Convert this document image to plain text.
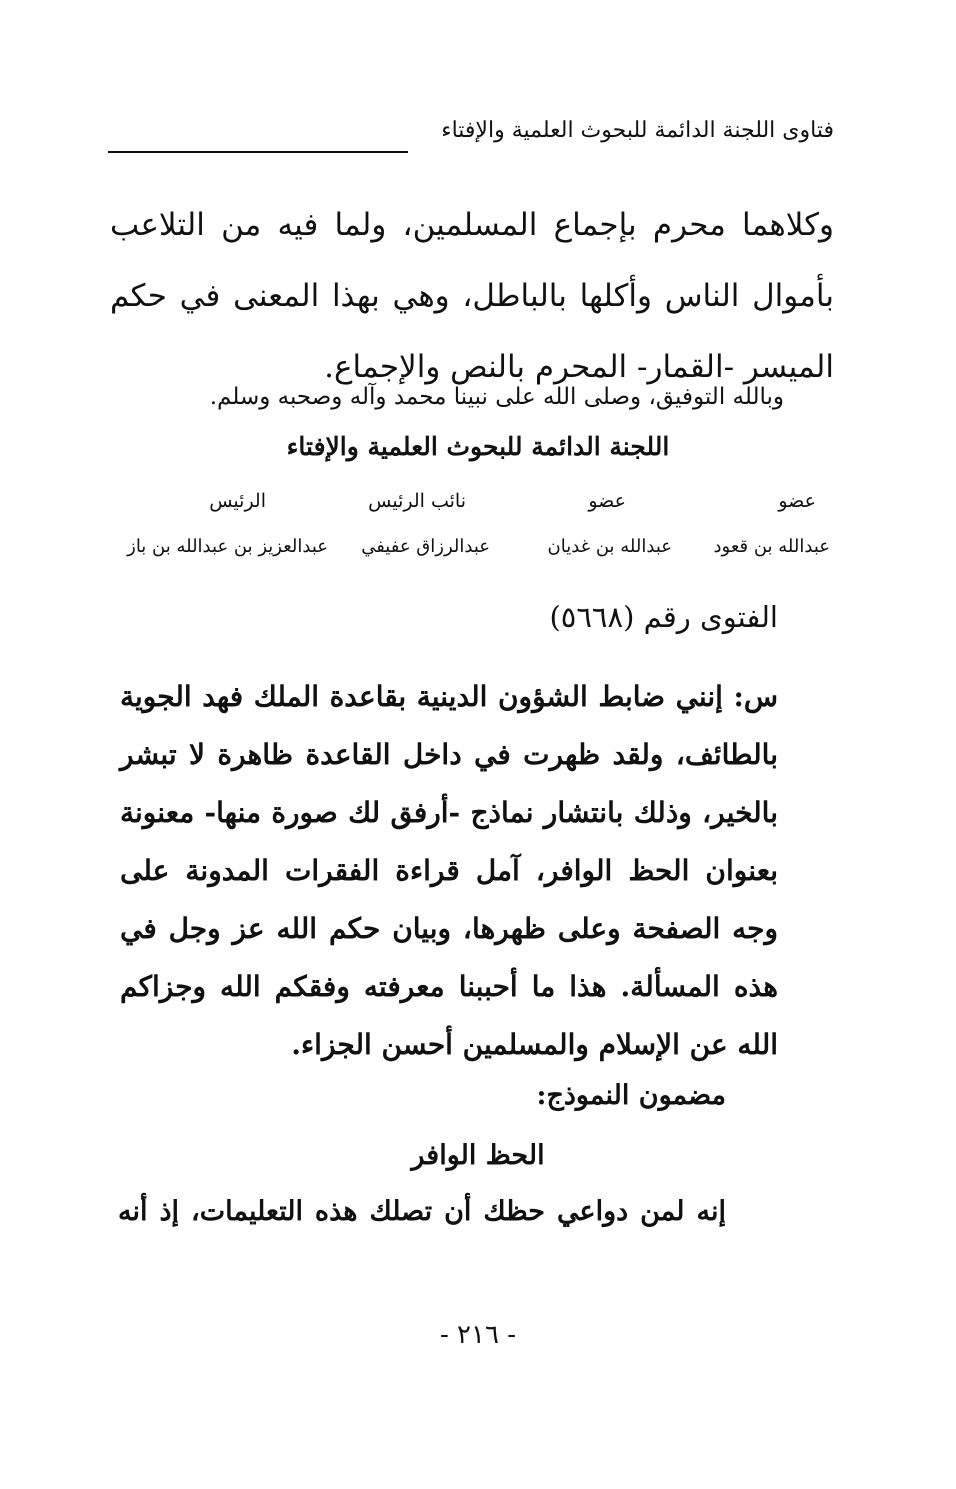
فتاوى اللجنة الدائمة للبحوث العلمية والإفتاء
وكلاهما محرم بإجماع المسلمين، ولما فيه من التلاعب بأموال الناس وأكلها بالباطل، وهي بهذا المعنى في حكم الميسر -القمار- المحرم بالنص والإجماع.
وبالله التوفيق، وصلى الله على نبينا محمد وآله وصحبه وسلم.
اللجنة الدائمة للبحوث العلمية والإفتاء
عضو
عضو
نائب الرئيس
الرئيس
عبدالله بن قعود
عبدالله بن غديان
عبدالرزاق عفيفي
عبدالعزيز بن عبدالله بن باز
الفتوى رقم (٥٦٦٨)
س: إنني ضابط الشؤون الدينية بقاعدة الملك فهد الجوية بالطائف، ولقد ظهرت في داخل القاعدة ظاهرة لا تبشر بالخير، وذلك بانتشار نماذج -أرفق لك صورة منها- معنونة بعنوان الحظ الوافر، آمل قراءة الفقرات المدونة على وجه الصفحة وعلى ظهرها، وبيان حكم الله عز وجل في هذه المسألة. هذا ما أحببنا معرفته وفقكم الله وجزاكم الله عن الإسلام والمسلمين أحسن الجزاء.
مضمون النموذج:
الحظ الوافر
إنه لمن دواعي حظك أن تصلك هذه التعليمات، إذ أنه
- ٢١٦ -
